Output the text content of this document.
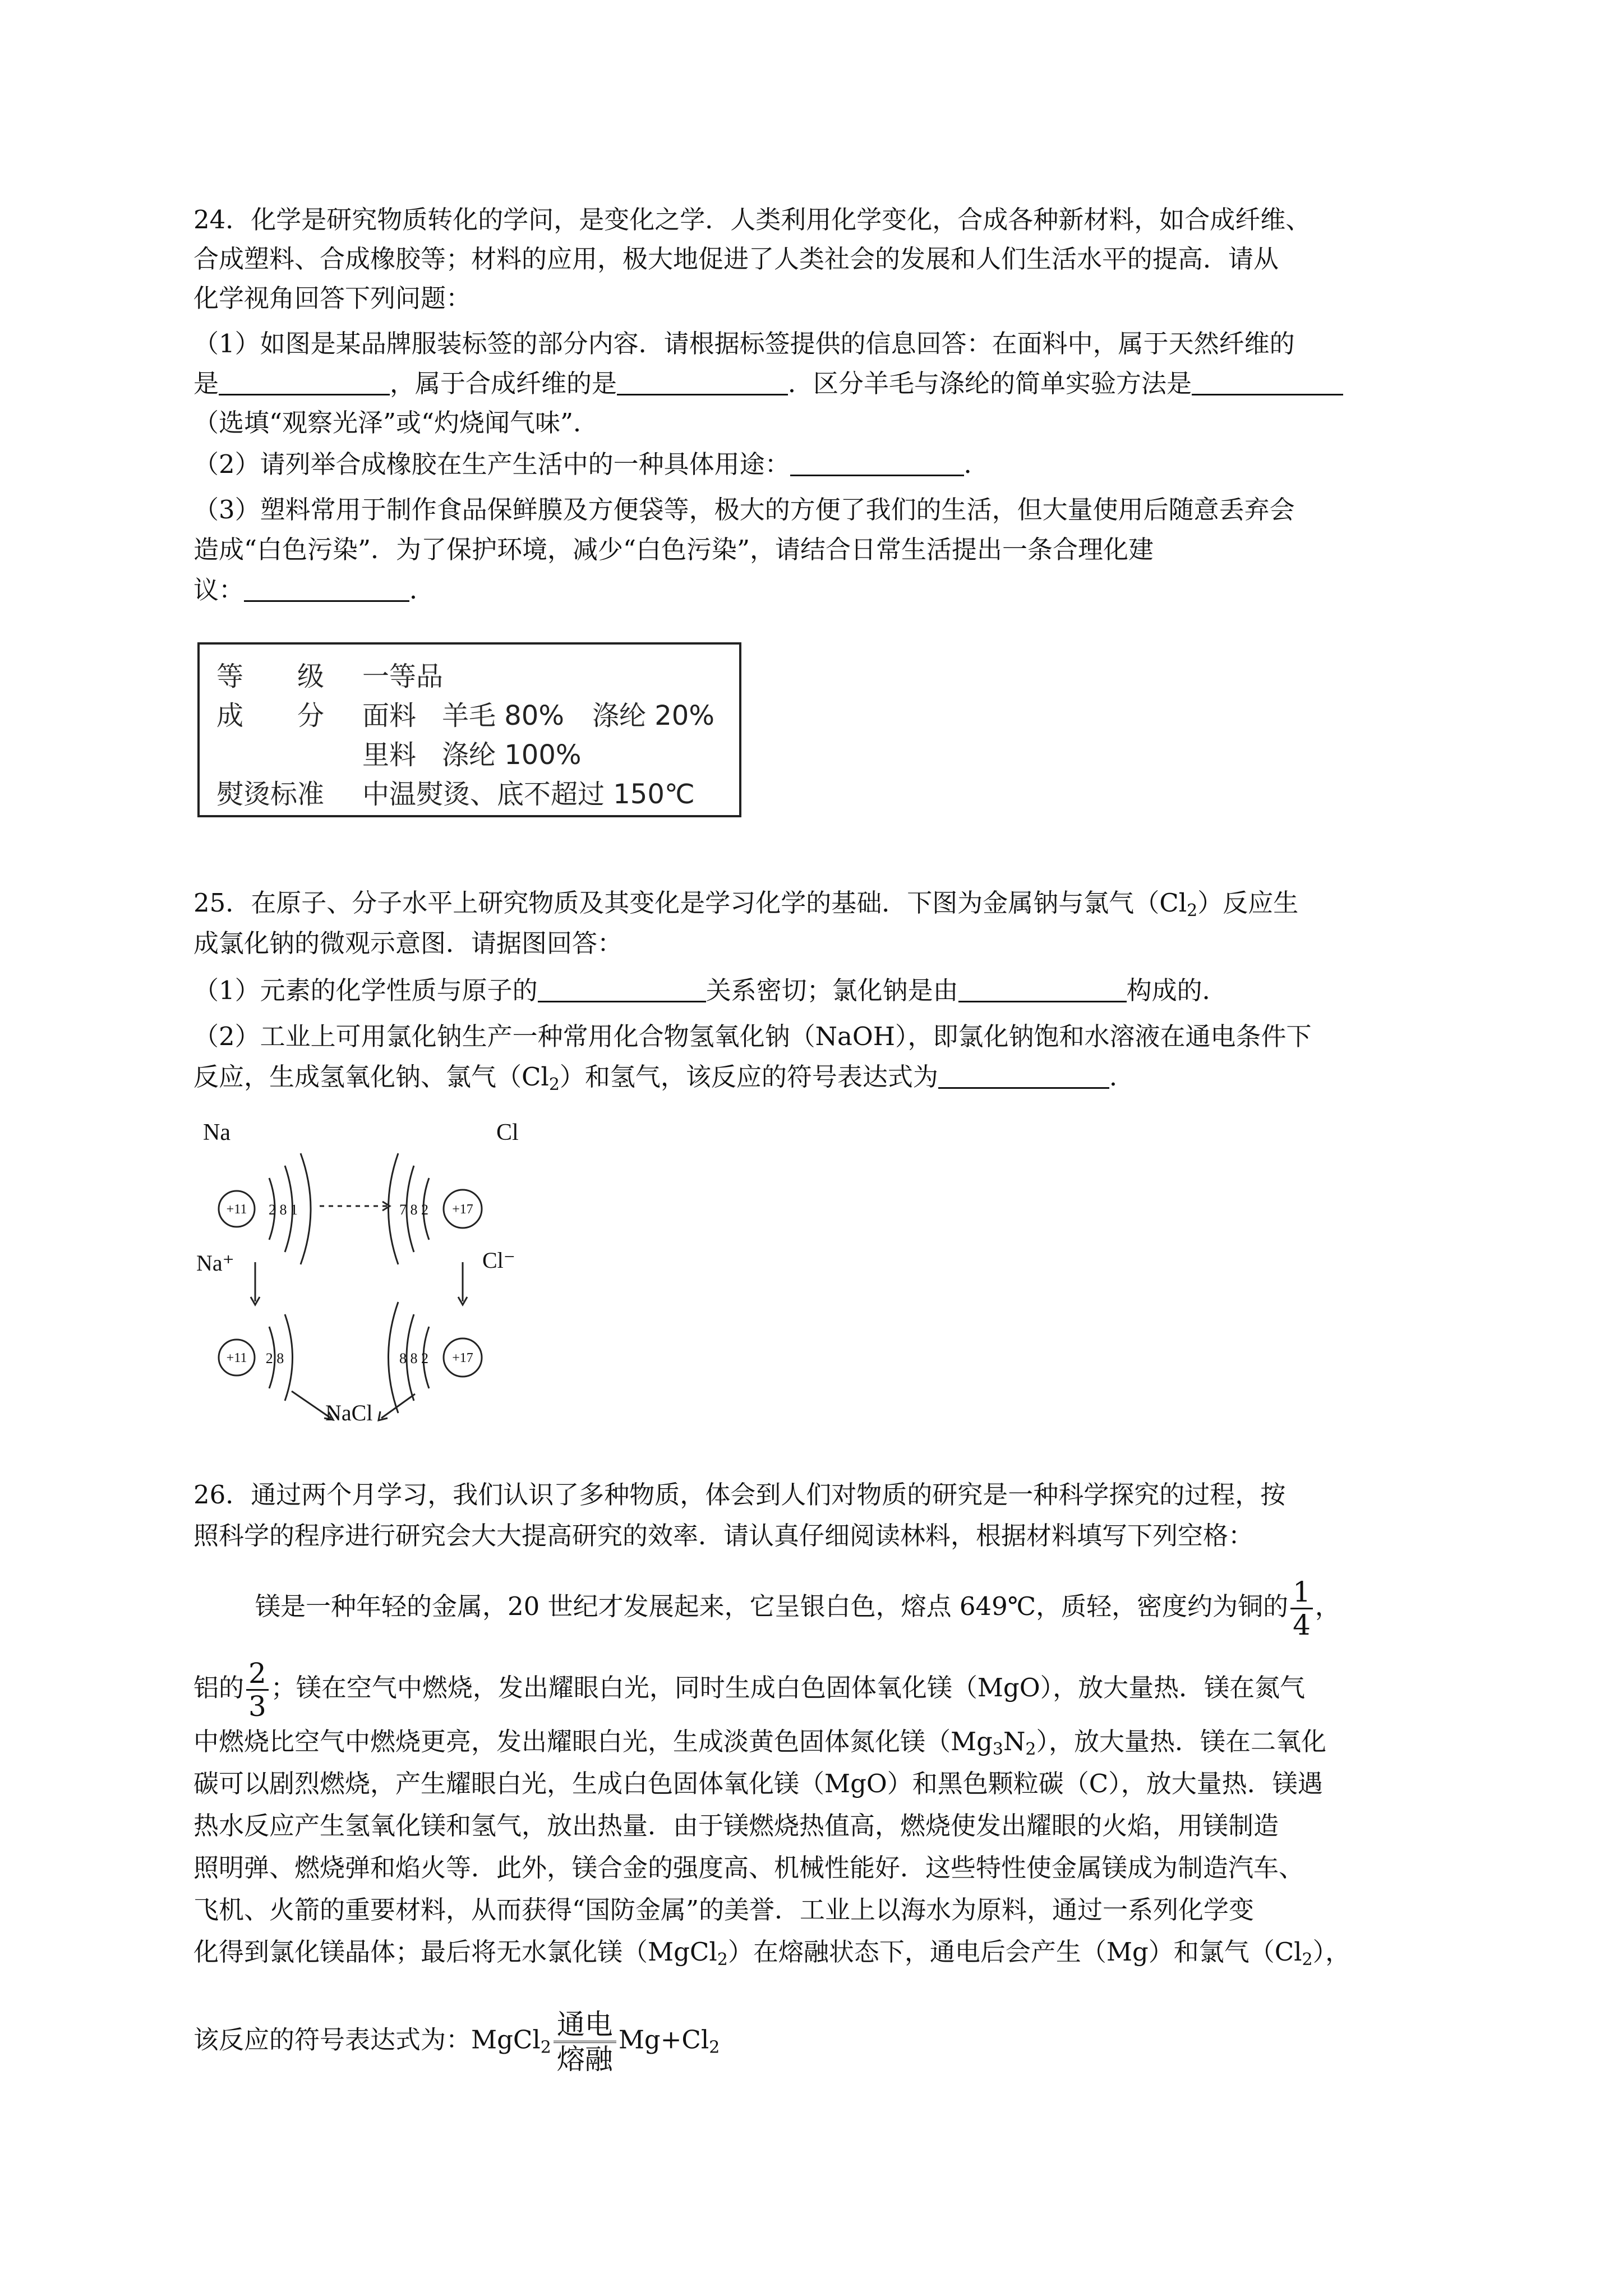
24．化学是研究物质转化的学问，是变化之学．人类利用化学变化，合成各种新材料，如合成纤维、
合成塑料、合成橡胶等；材料的应用，极大地促进了人类社会的发展和人们生活水平的提高．请从
化学视角回答下列问题：
（1）如图是某品牌服装标签的部分内容．请根据标签提供的信息回答：在面料中，属于天然纤维的
是	，属于合成纤维的是	．区分羊毛与涤纶的简单实验方法是
（选填“观察光泽”或“灼烧闻气味”．
（2）请列举合成橡胶在生产生活中的一种具体用途：	．
（3）塑料常用于制作食品保鲜膜及方便袋等，极大的方便了我们的生活，但大量使用后随意丢弃会
造成“白色污染”．为了保护环境，减少“白色污染”，请结合日常生活提出一条合理化建
议：	．
等　　级 一等品
成　　分 面料 羊毛 80% 涤纶 20%
里料 涤纶 100%
熨烫标准 中温熨烫、底不超过 150℃
25．在原子、分子水平上研究物质及其变化是学习化学的基础．下图为金属钠与氯气$(Cl_2)$反应生
成氯化钠的微观示意图．请据图回答：
（1）元素的化学性质与原子的	关系密切；氯化钠是由	构成的．
（2）工业上可用氯化钠生产一种常用化合物氢氧化钠（NaOH），即氯化钠饱和水溶液在通电条件下
反应，生成氢氧化钠、氯气$(Cl_2)$和氢气，该反应的符号表达式为	．
Na
+11 2 8 1
Cl
+17
7 8 2
Na⁺
+11 2 8
Cl⁻
+17
8 8 2
NaCl
26．通过两个月学习，我们认识了多种物质，体会到人们对物质的研究是一种科学探究的过程，按
照科学的程序进行研究会大大提高研究的效率．请认真仔细阅读林料，根据材料填写下列空格：
镁是一种年轻的金属，20 世纪才发展起来，它呈银白色，熔点 649℃，质轻，密度约为铜的 $\frac{1}{4}$ ，
铝的 $\frac{2}{3}$ ；镁在空气中燃烧，发出耀眼白光，同时生成白色固体氧化镁（MgO），放大量热．镁在氮气
中燃烧比空气中燃烧更亮，发出耀眼白光，生成淡黄色固体氮化镁$(Mg_3N_2)$，放大量热．镁在二氧化
碳可以剧烈燃烧，产生耀眼白光，生成白色固体氧化镁（MgO）和黑色颗粒碳（C），放大量热．镁遇
热水反应产生氢氧化镁和氢气，放出热量．由于镁燃烧热值高，燃烧使发出耀眼的火焰，用镁制造
照明弹、燃烧弹和焰火等．此外，镁合金的强度高、机械性能好．这些特性使金属镁成为制造汽车、
飞机、火箭的重要材料，从而获得“国防金属”的美誉．工业上以海水为原料，通过一系列化学变
化得到氯化镁晶体；最后将无水氯化镁（MgCl$_2$）在熔融状态下，通电后会产生（Mg）和氯气$(Cl_2)$，
该反应的符号表达式为：MgCl$_2$
通电
熔融
$Mg+Cl_2$
